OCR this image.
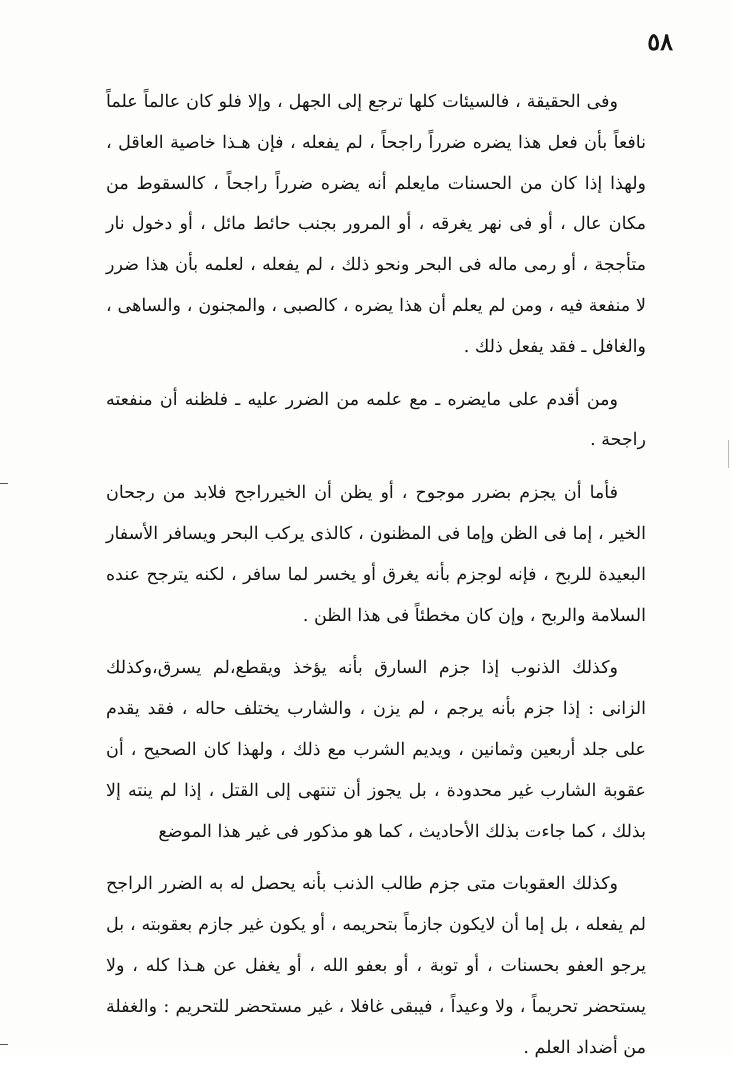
٥٨

وفى الحقيقة ، فالسيئات كلها ترجع إلى الجهل ، وإلا فلو كان عالماً علماً نافعاً بأن فعل هذا يضره ضرراً راجحاً ، لم يفعله ، فإن هـذا خاصية العاقل ، ولهذا إذا كان من الحسنات مايعلم أنه يضره ضرراً راجحاً ، كالسقوط من مكان عال ، أو فى نهر يغرقه ، أو المرور بجنب حائط مائل ، أو دخول نار متأججة ، أو رمى ماله فى البحر ونحو ذلك ، لم يفعله ، لعلمه بأن هذا ضرر لا منفعة فيه ، ومن لم يعلم أن هذا يضره ، كالصبى ، والمجنون ، والساهى ، والغافل ـ فقد يفعل ذلك .

ومن أقدم على مايضره ـ مع علمه من الضرر عليه ـ فلظنه أن منفعته راجحة .

فأما أن يجزم بضرر موجوح ، أو يظن أن الخيرراجح فلابد من رجحان الخير ، إما فى الظن وإما فى المظنون ، كالذى يركب البحر ويسافر الأسفار البعيدة للربح ، فإنه لوجزم بأنه يغرق أو يخسر لما سافر ، لكنه يترجح عنده السلامة والربح ، وإن كان مخطئاً فى هذا الظن .

وكذلك الذنوب إذا جزم السارق بأنه يؤخذ ويقطع،لم يسرق،وكذلك الزانى : إذا جزم بأنه يرجم ، لم يزن ، والشارب يختلف حاله ، فقد يقدم على جلد أربعين وثمانين ، ويديم الشرب مع ذلك ، ولهذا كان الصحيح ، أن عقوبة الشارب غير محدودة ، بل يجوز أن تنتهى إلى القتل ، إذا لم ينته إلا بذلك ، كما جاءت بذلك الأحاديث ، كما هو مذكور فى غير هذا الموضع

وكذلك العقوبات متى جزم طالب الذنب بأنه يحصل له به الضرر الراجح لم يفعله ، بل إما أن لايكون جازماً بتحريمه ، أو يكون غير جازم بعقوبته ، بل يرجو العفو بحسنات ، أو توبة ، أو بعفو الله ، أو يغفل عن هـذا كله ، ولا يستحضر تحريماً ، ولا وعيداً ، فيبقى غافلا ، غير مستحضر للتحريم : والغفلة من أضداد العلم .
